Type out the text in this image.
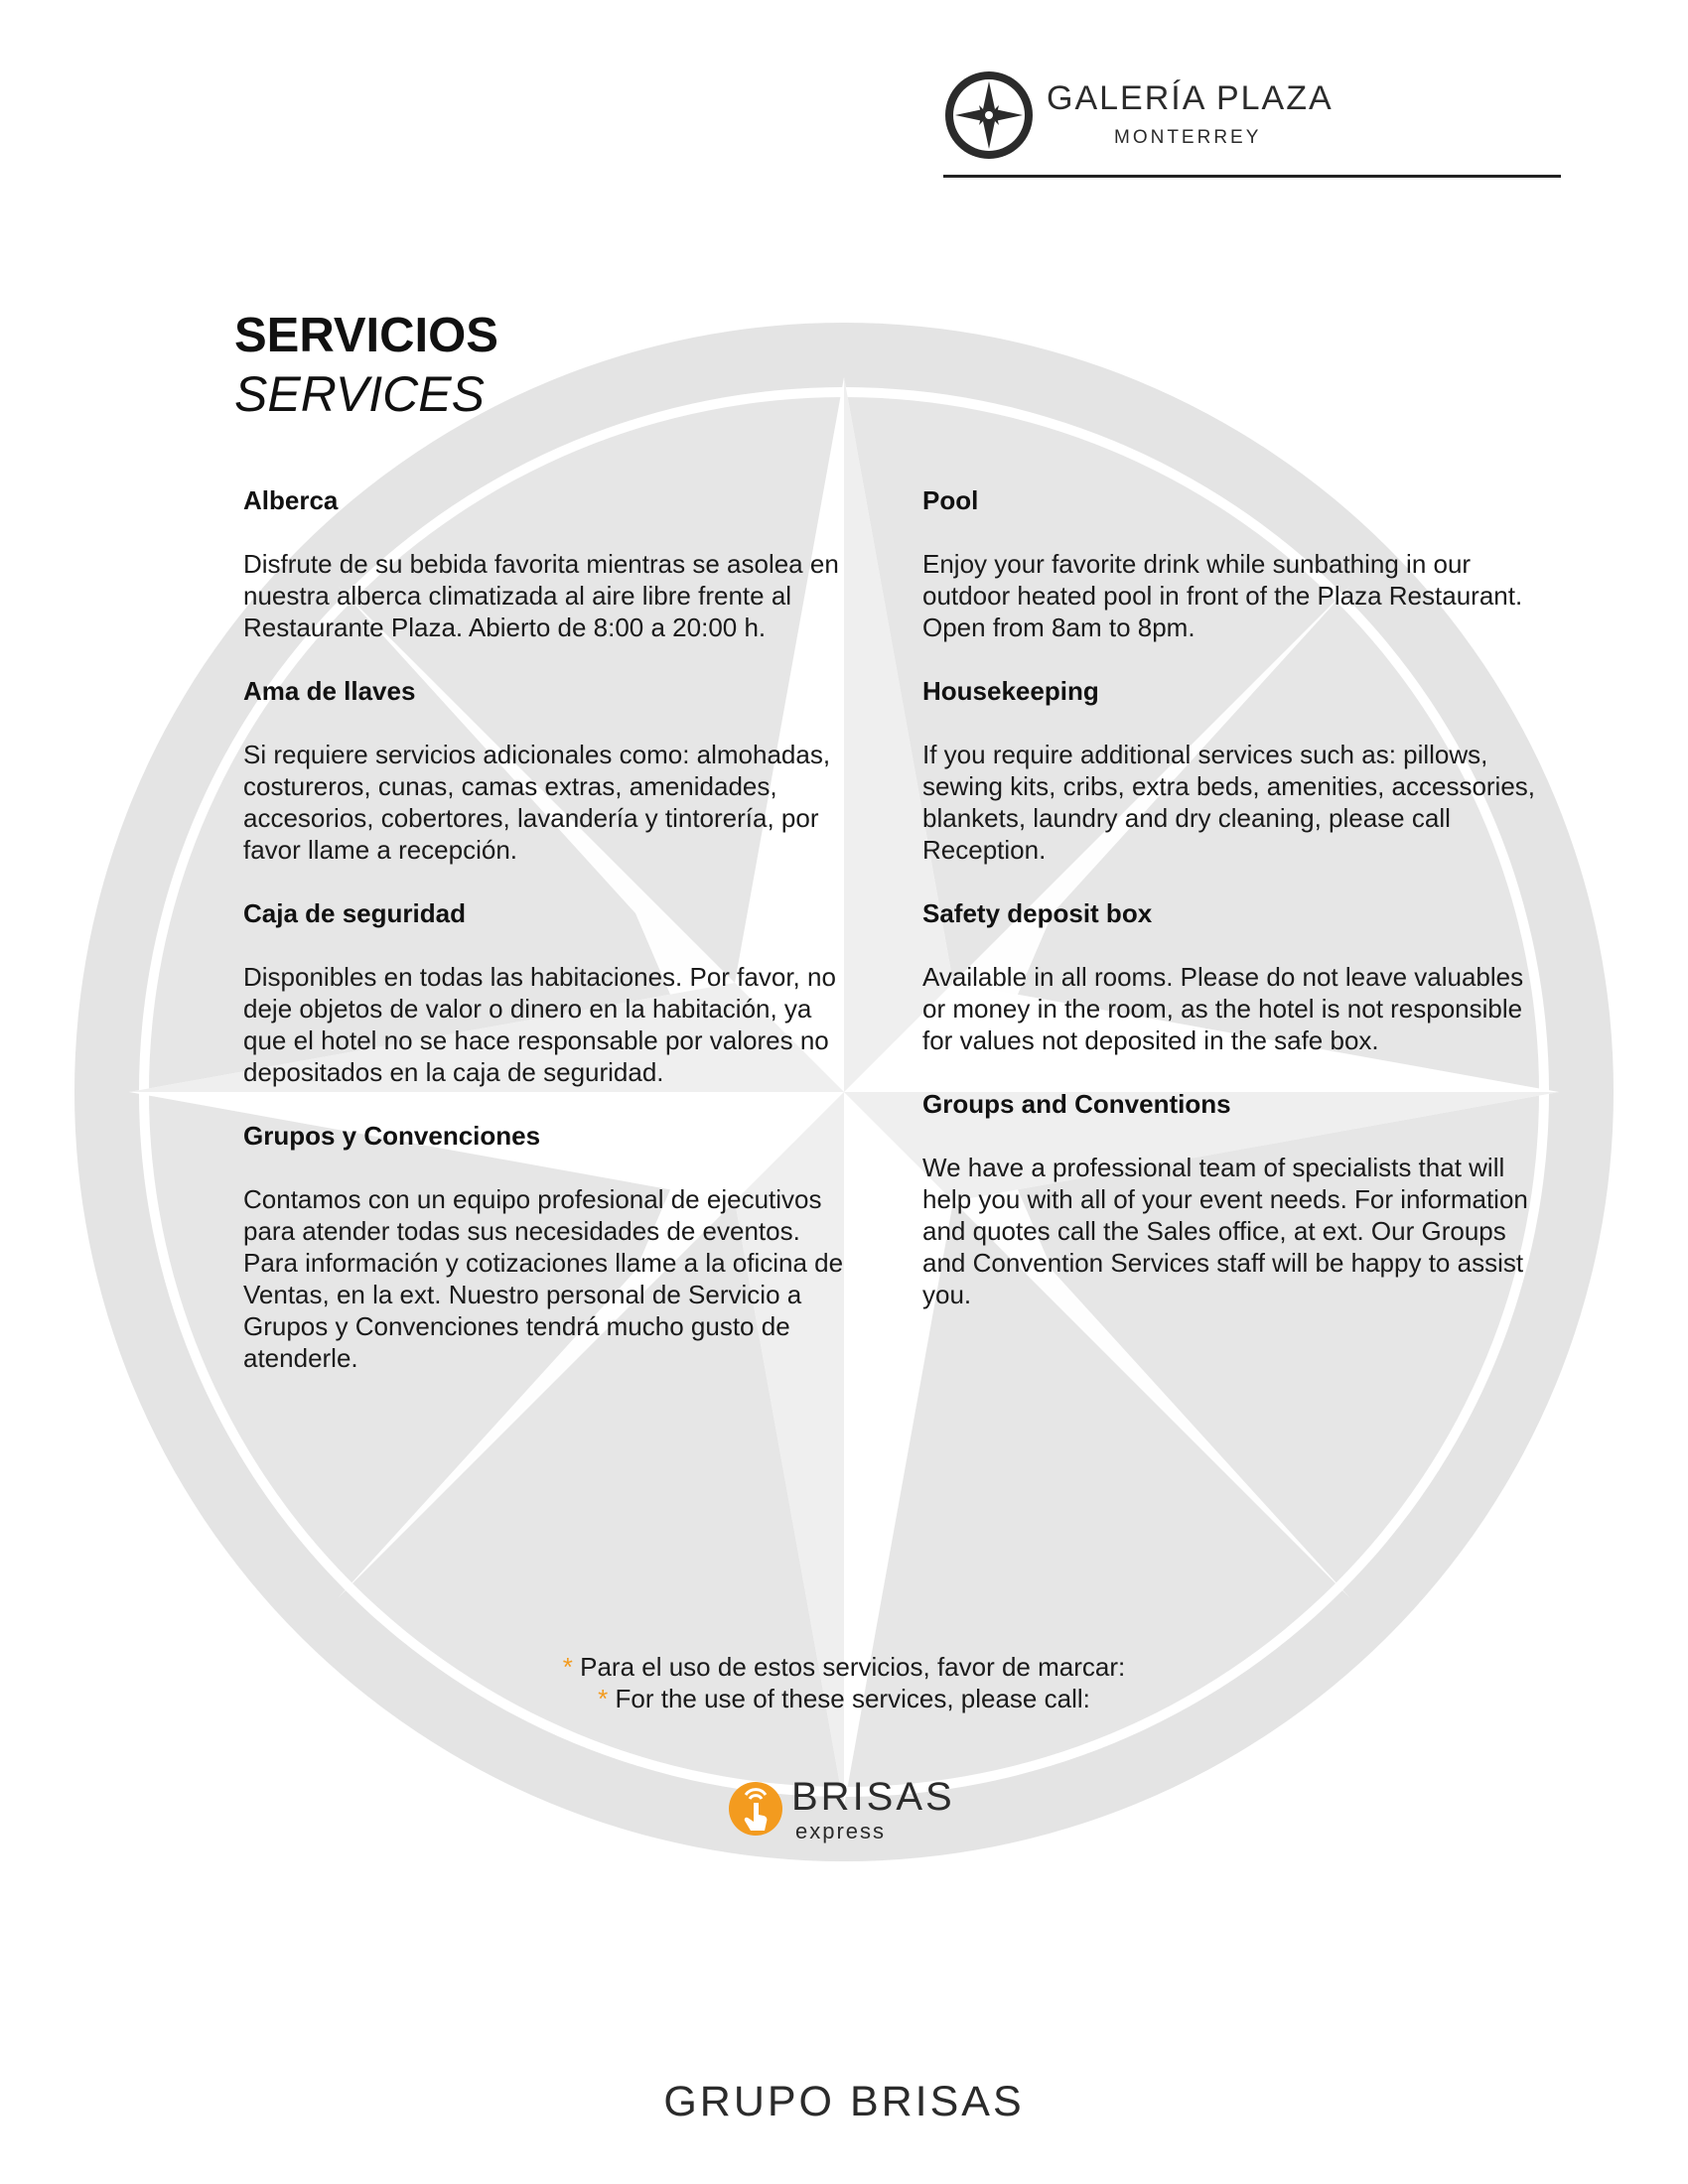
GALERÍA PLAZA
MONTERREY
SERVICIOS
SERVICES

Alberca

Disfrute de su bebida favorita mientras se asolea en nuestra alberca climatizada al aire libre frente al Restaurante Plaza. Abierto de 8:00 a 20:00 h.

Ama de llaves

Si requiere servicios adicionales como: almohadas, costureros, cunas, camas extras, amenidades, accesorios, cobertores, lavandería y tintorería, por favor llame a recepción.

Caja de seguridad

Disponibles en todas las habitaciones. Por favor, no deje objetos de valor o dinero en la habitación, ya que el hotel no se hace responsable por valores no depositados en la caja de seguridad.

Grupos y Convenciones

Contamos con un equipo profesional de ejecutivos para atender todas sus necesidades de eventos. Para información y cotizaciones llame a la oficina de Ventas, en la ext. Nuestro personal de Servicio a Grupos y Convenciones tendrá mucho gusto de atenderle.

Pool

Enjoy your favorite drink while sunbathing in our outdoor heated pool in front of the Plaza Restaurant. Open from 8am to 8pm.

Housekeeping

If you require additional services such as: pillows, sewing kits, cribs, extra beds, amenities, accessories, blankets, laundry and dry cleaning, please call Reception.

Safety deposit box

Available in all rooms. Please do not leave valuables or money in the room, as the hotel is not responsible for values not deposited in the safe box.

Groups and Conventions

We have a professional team of specialists that will help you with all of your event needs. For information and quotes call the Sales office, at ext. Our Groups and Convention Services staff will be happy to assist you.

* Para el uso de estos servicios, favor de marcar:
* For the use of these services, please call:
BRISAS
express
GRUPO BRISAS
